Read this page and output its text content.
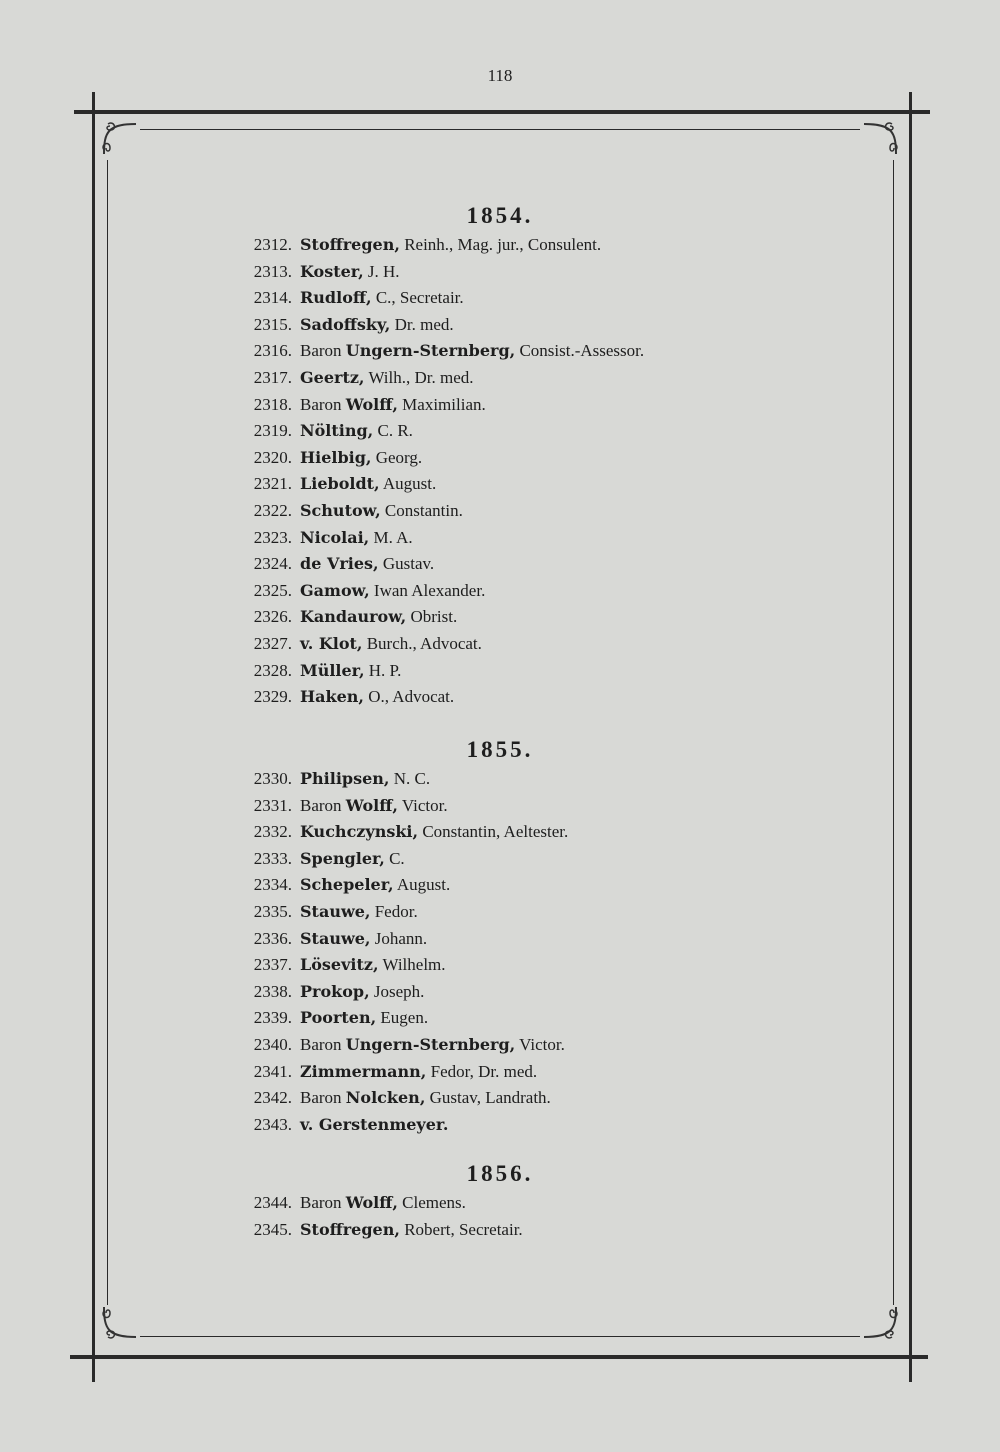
118
1854.
2312. Stoffregen, Reinh., Mag. jur., Consulent.
2313. Koster, J. H.
2314. Rudloff, C., Secretair.
2315. Sadoffsky, Dr. med.
2316. Baron Ungern-Sternberg, Consist.-Assessor.
2317. Geertz, Wilh., Dr. med.
2318. Baron Wolff, Maximilian.
2319. Nölting, C. R.
2320. Hielbig, Georg.
2321. Lieboldt, August.
2322. Schutow, Constantin.
2323. Nicolai, M. A.
2324. de Vries, Gustav.
2325. Gamow, Iwan Alexander.
2326. Kandaurow, Obrist.
2327. v. Klot, Burch., Advocat.
2328. Müller, H. P.
2329. Haken, O., Advocat.
1855.
2330. Philipsen, N. C.
2331. Baron Wolff, Victor.
2332. Kuchczynski, Constantin, Aeltester.
2333. Spengler, C.
2334. Schepeler, August.
2335. Stauwe, Fedor.
2336. Stauwe, Johann.
2337. Lösevitz, Wilhelm.
2338. Prokop, Joseph.
2339. Poorten, Eugen.
2340. Baron Ungern-Sternberg, Victor.
2341. Zimmermann, Fedor, Dr. med.
2342. Baron Nolcken, Gustav, Landrath.
2343. v. Gerstenmeyer.
1856.
2344. Baron Wolff, Clemens.
2345. Stoffregen, Robert, Secretair.
